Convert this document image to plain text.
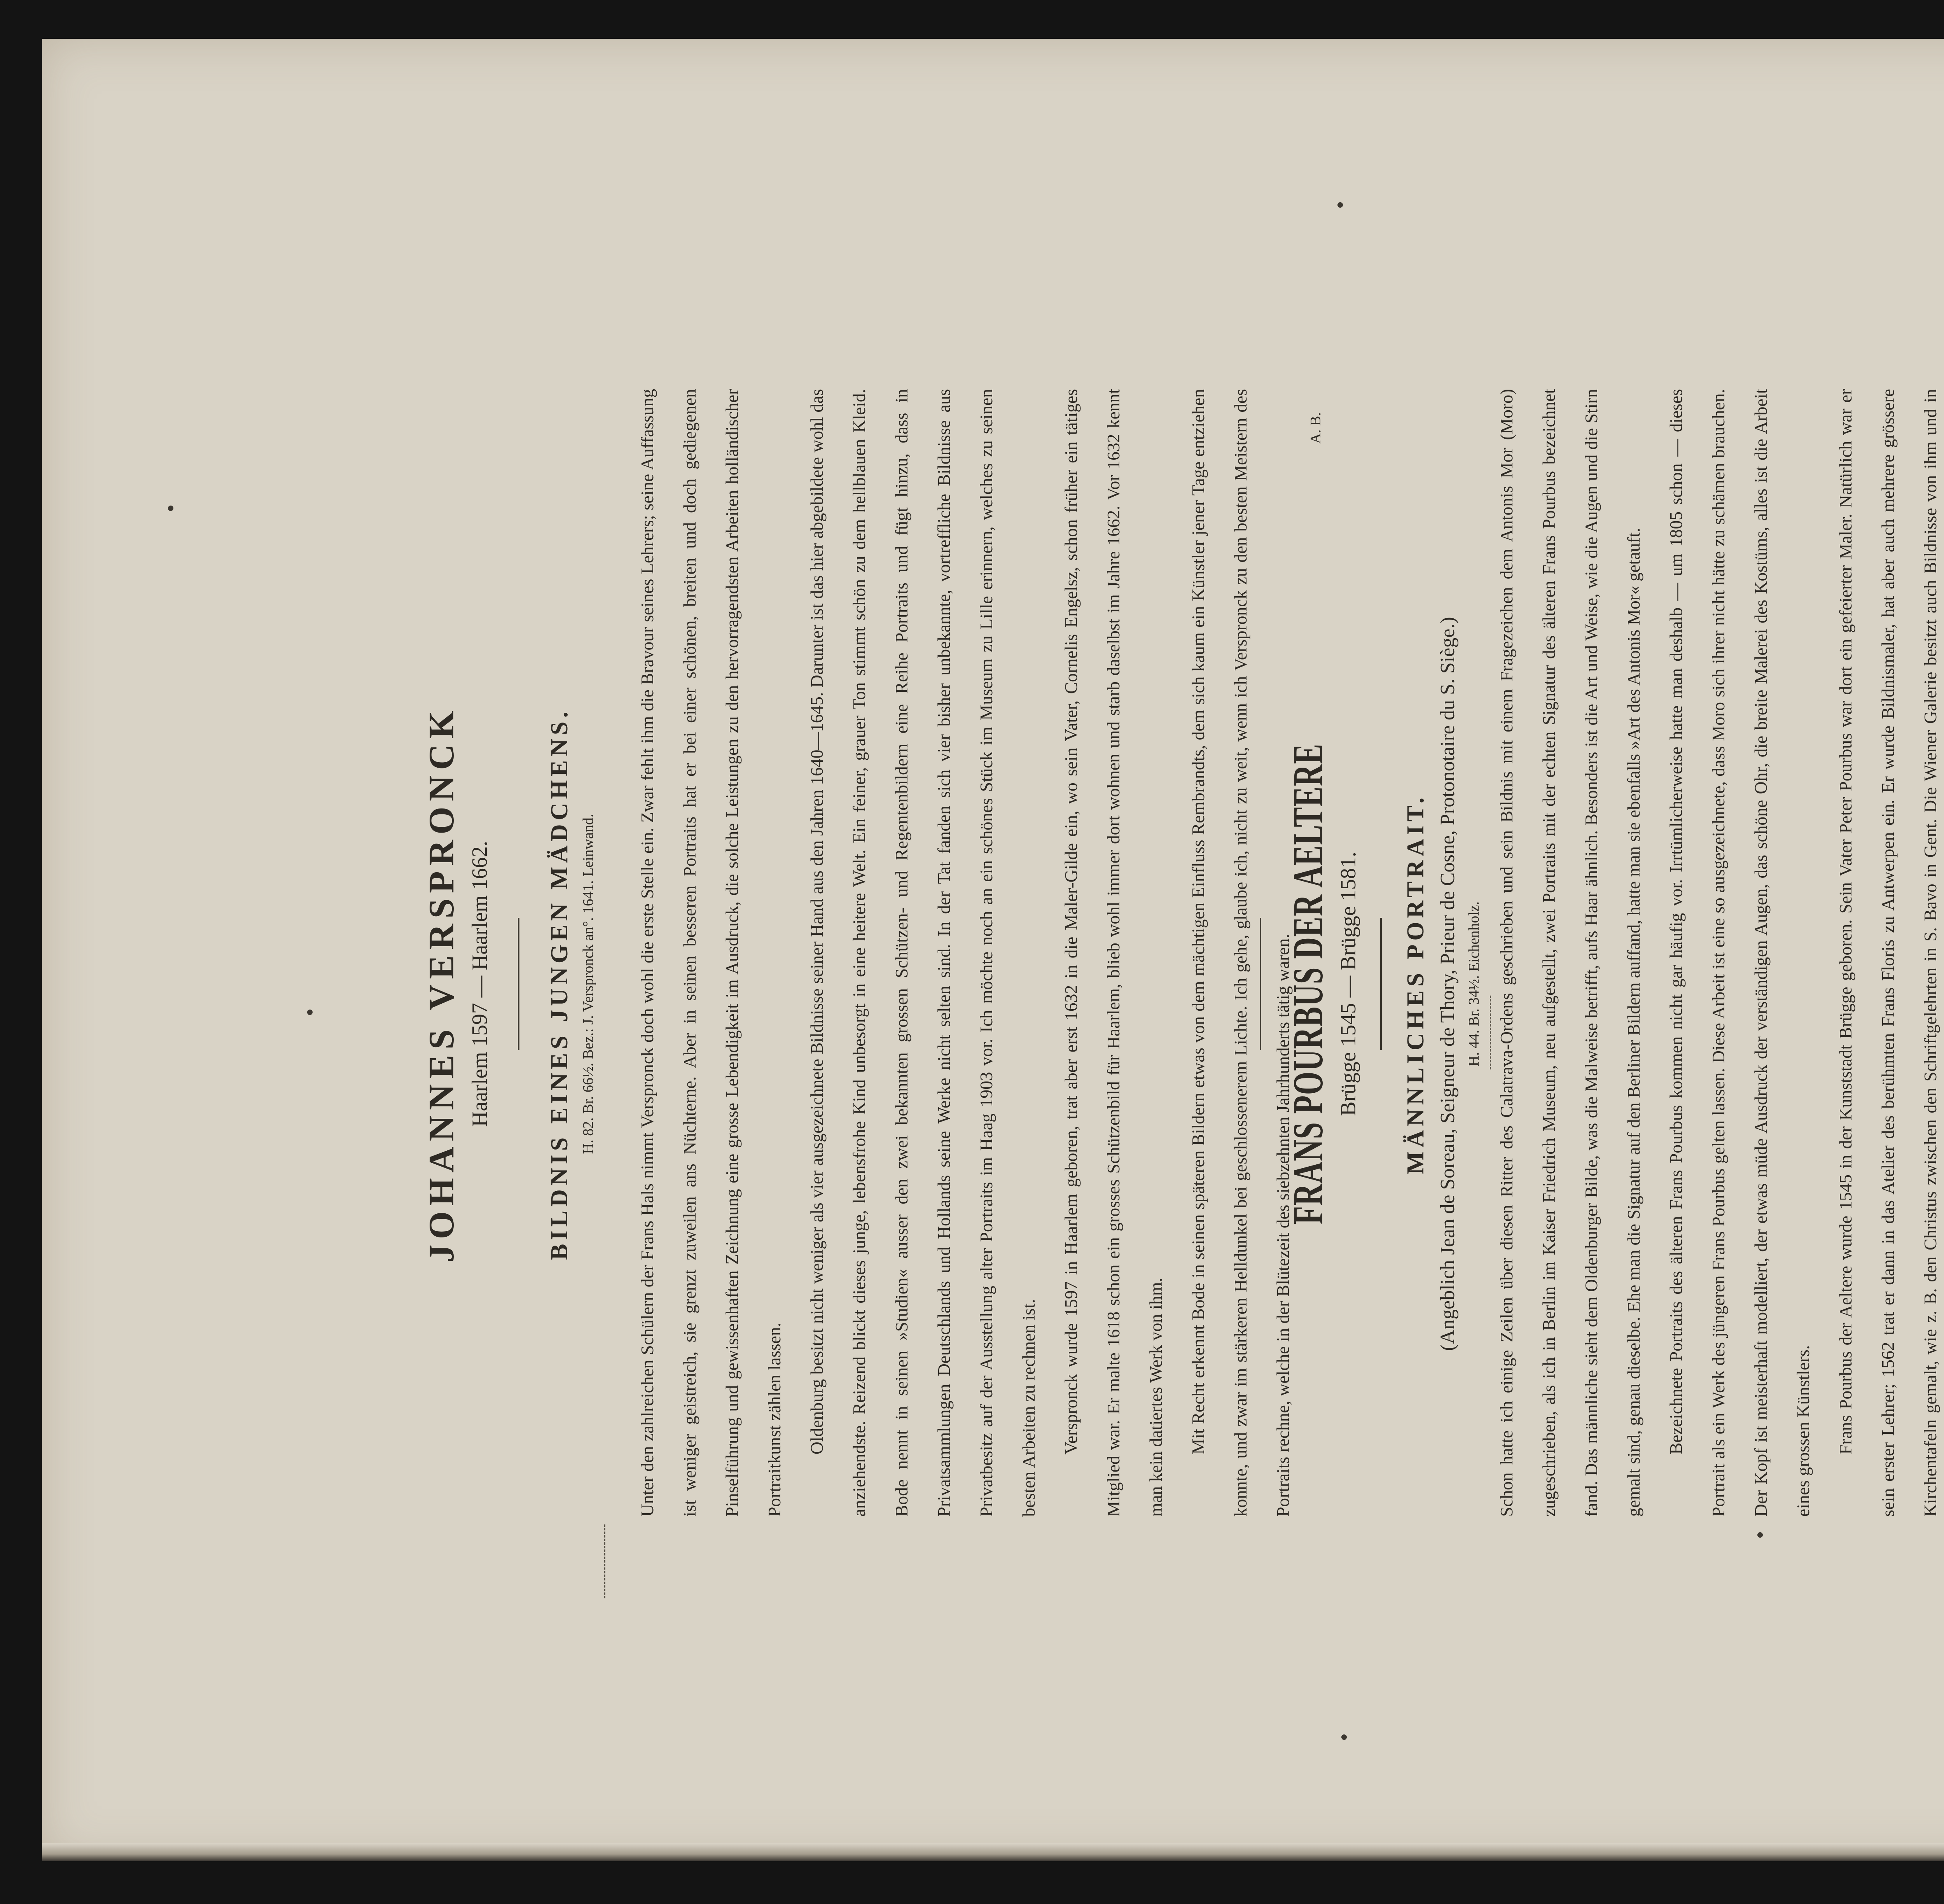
JOHANNES VERSPRONCK Haarlem 1597 — Haarlem 1662. BILDNIS EINES JUNGEN MÄDCHENS. H. 82. Br. 66½. Bez.: J. Verspronck an°. 1641. Leinwand.	Unter den zahlreichen Schülern der Frans Hals nimmt Verspronck doch wohl die erste Stelle ein. Zwar fehlt ihm die Bravour seines Lehrers; seine Auffassung ist weniger geistreich, sie grenzt zuweilen ans Nüchterne. Aber in seinen besseren Portraits hat er bei einer schönen, breiten und doch gediegenen Pinselführung und gewissenhaften Zeichnung eine grosse Lebendigkeit im Ausdruck, die solche Leistungen zu den hervorragendsten Arbeiten holländischer Portraitkunst zählen lassen.	Oldenburg besitzt nicht weniger als vier ausgezeichnete Bildnisse seiner Hand aus den Jahren 1640—1645. Darunter ist das hier abgebildete wohl das anziehendste. Reizend blickt dieses junge, lebensfrohe Kind unbesorgt in eine heitere Welt. Ein feiner, grauer Ton stimmt schön zu dem hellblauen Kleid. Bode nennt in seinen »Studien« ausser den zwei bekannten grossen Schützen- und Regentenbildern eine Reihe Portraits und fügt hinzu, dass in Privatsammlungen Deutschlands und Hollands seine Werke nicht selten sind. In der Tat fanden sich vier bisher unbekannte, vortreffliche Bildnisse aus Privatbesitz auf der Ausstellung alter Portraits im Haag 1903 vor. Ich möchte noch an ein schönes Stück im Museum zu Lille erinnern, welches zu seinen besten Arbeiten zu rechnen ist.	Verspronck wurde 1597 in Haarlem geboren, trat aber erst 1632 in die Maler-Gilde ein, wo sein Vater, Cornelis Engelsz, schon früher ein tätiges Mitglied war. Er malte 1618 schon ein grosses Schützenbild für Haarlem, blieb wohl immer dort wohnen und starb daselbst im Jahre 1662. Vor 1632 kennt man kein datiertes Werk von ihm.	Mit Recht erkennt Bode in seinen späteren Bildern etwas von dem mächtigen Einfluss Rembrandts, dem sich kaum ein Künstler jener Tage entziehen konnte, und zwar im stärkeren Helldunkel bei geschlossenerem Lichte. Ich gehe, glaube ich, nicht zu weit, wenn ich Verspronck zu den besten Meistern des Portraits rechne, welche in der Blütezeit des siebzehnten Jahrhunderts tätig waren.

A. B.

FRANS POURBUS DER AELTERE Brügge 1545 — Brügge 1581. MÄNNLICHES PORTRAIT. (Angeblich Jean de Soreau, Seigneur de Thory, Prieur de Cosne, Protonotaire du S. Siège.) H. 44. Br. 34½. Eichenholz. Schon hatte ich einige Zeilen über diesen Ritter des Calatrava-Ordens geschrieben und sein Bildnis mit einem Fragezeichen dem Antonis Mor (Moro) zugeschrieben, als ich in Berlin im Kaiser Friedrich Museum, neu aufgestellt, zwei Portraits mit der echten Signatur des älteren Frans Pourbus bezeichnet fand. Das männliche sieht dem Oldenburger Bilde, was die Malweise betrifft, aufs Haar ähnlich. Besonders ist die Art und Weise, wie die Augen und die Stirn gemalt sind, genau dieselbe. Ehe man die Signatur auf den Berliner Bildern auffand, hatte man sie ebenfalls »Art des Antonis Mor« getauft.	Bezeichnete Portraits des älteren Frans Pourbus kommen nicht gar häufig vor. Irrtümlicherweise hatte man deshalb — um 1805 schon — dieses Portrait als ein Werk des jüngeren Frans Pourbus gelten lassen. Diese Arbeit ist eine so ausgezeichnete, dass Moro sich ihrer nicht hätte zu schämen brauchen. Der Kopf ist meisterhaft modelliert, der etwas müde Ausdruck der verständigen Augen, das schöne Ohr, die breite Malerei des Kostüms, alles ist die Arbeit eines grossen Künstlers.	Frans Pourbus der Aeltere wurde 1545 in der Kunststadt Brügge geboren. Sein Vater Peter Pourbus war dort ein gefeierter Maler. Natürlich war er sein erster Lehrer; 1562 trat er dann in das Atelier des berühmten Frans Floris zu Antwerpen ein. Er wurde Bildnismaler, hat aber auch mehrere grössere Kirchentafeln gemalt, wie z. B. den Christus zwischen den Schriftgelehrten in S. Bavo in Gent. Die Wiener Galerie besitzt auch Bildnisse von ihm und in
